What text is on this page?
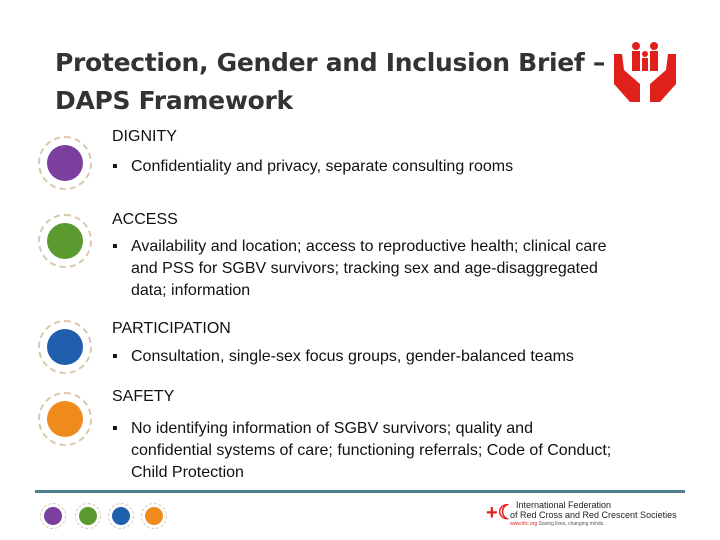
Protection, Gender and Inclusion Brief –
DAPS Framework
DIGNITY
▪ Confidentiality and privacy, separate consulting rooms
ACCESS
▪ Availability and location; access to reproductive health; clinical care and PSS for SGBV survivors; tracking sex and age-disaggregated data; information
PARTICIPATION
▪ Consultation, single-sex focus groups, gender-balanced teams
SAFETY
▪ No identifying information of SGBV survivors; quality and confidential systems of care; functioning referrals; Code of Conduct; Child Protection
+☾ International Federation
of Red Cross and Red Crescent Societies
www.ifrc.org Saving lives, changing minds.
